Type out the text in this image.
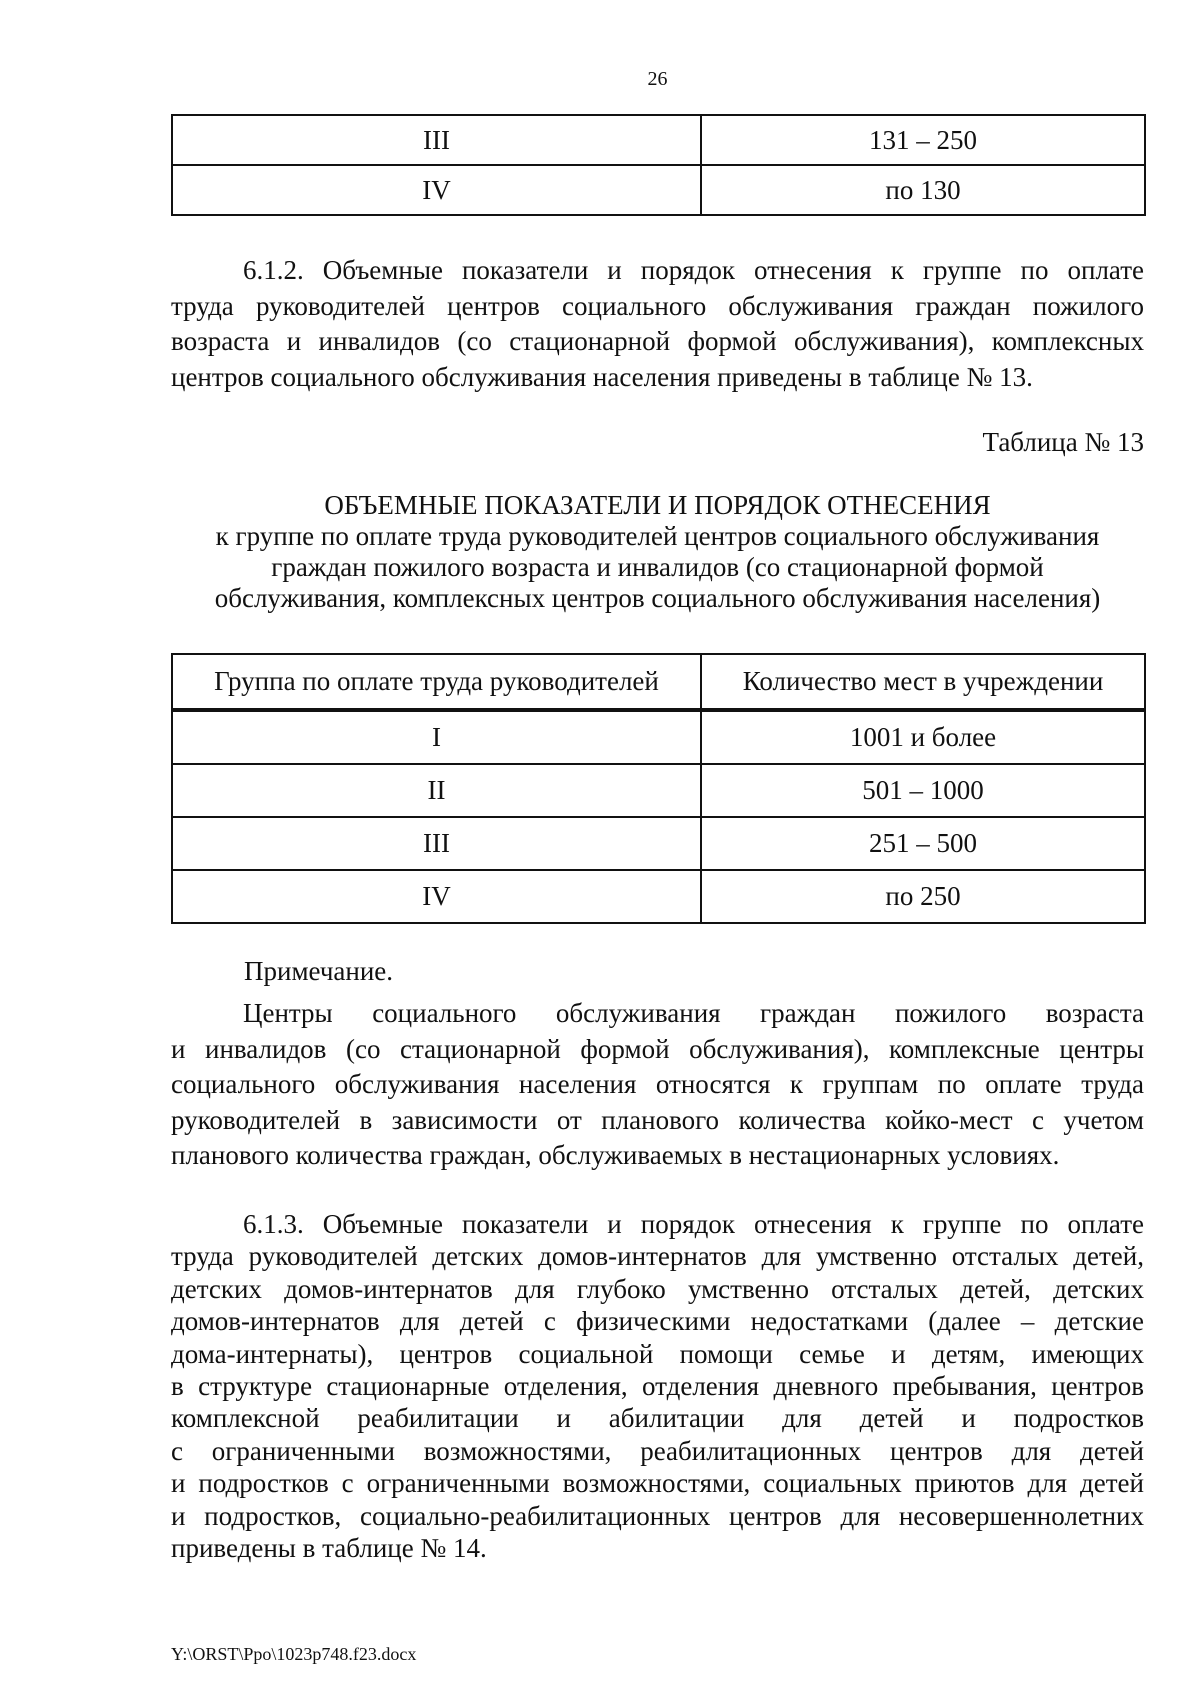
26
III	131 – 250
IV	по 130
6.1.2. Объемные показатели и порядок отнесения к группе по оплате
труда руководителей центров социального обслуживания граждан пожилого
возраста и инвалидов (со стационарной формой обслуживания), комплексных
центров социального обслуживания населения приведены в таблице № 13.
Таблица № 13
ОБЪЕМНЫЕ ПОКАЗАТЕЛИ И ПОРЯДОК ОТНЕСЕНИЯ
к группе по оплате труда руководителей центров социального обслуживания
граждан пожилого возраста и инвалидов (со стационарной формой
обслуживания, комплексных центров социального обслуживания населения)
Группа по оплате труда руководителей	Количество мест в учреждении
I	1001 и более
II	501 – 1000
III	251 – 500
IV	по 250
Примечание.
Центры социального обслуживания граждан пожилого возраста
и инвалидов (со стационарной формой обслуживания), комплексные центры
социального обслуживания населения относятся к группам по оплате труда
руководителей в зависимости от планового количества койко-мест с учетом
планового количества граждан, обслуживаемых в нестационарных условиях.
6.1.3. Объемные показатели и порядок отнесения к группе по оплате
труда руководителей детских домов-интернатов для умственно отсталых детей,
детских домов-интернатов для глубоко умственно отсталых детей, детских
домов-интернатов для детей с физическими недостатками (далее – детские
дома-интернаты), центров социальной помощи семье и детям, имеющих
в структуре стационарные отделения, отделения дневного пребывания, центров
комплексной реабилитации и абилитации для детей и подростков
с ограниченными возможностями, реабилитационных центров для детей
и подростков с ограниченными возможностями, социальных приютов для детей
и подростков, социально-реабилитационных центров для несовершеннолетних
приведены в таблице № 14.
Y:\ORST\Ppo\1023p748.f23.docx
